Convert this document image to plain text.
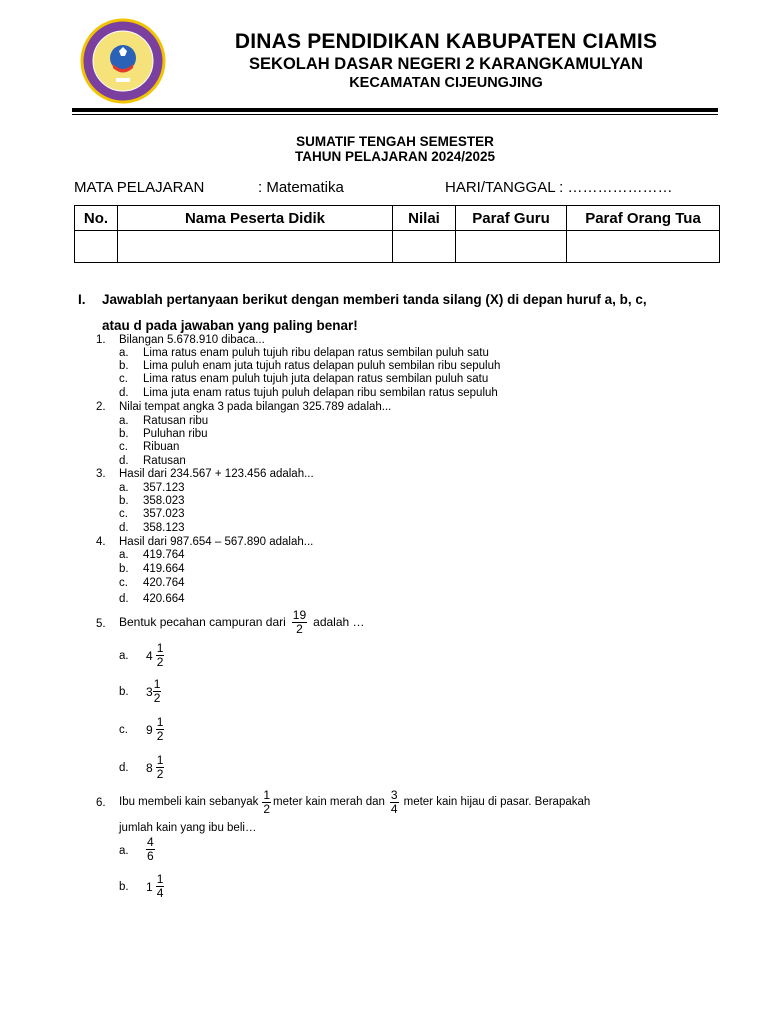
DINAS PENDIDIKAN KABUPATEN CIAMIS
SEKOLAH DASAR NEGERI 2 KARANGKAMULYAN
KECAMATAN CIJEUNGJING
SUMATIF TENGAH SEMESTER
TAHUN PELAJARAN 2024/2025
MATA PELAJARAN	: Matematika	HARI/TANGGAL : …………………
No.	Nama Peserta Didik	Nilai	Paraf Guru	Paraf Orang Tua

I. Jawablah pertanyaan berikut dengan memberi tanda silang (X) di depan huruf a, b, c,
atau d pada jawaban yang paling benar!
1. Bilangan 5.678.910 dibaca...
a. Lima ratus enam puluh tujuh ribu delapan ratus sembilan puluh satu
b. Lima puluh enam juta tujuh ratus delapan puluh sembilan ribu sepuluh
c. Lima ratus enam puluh tujuh juta delapan ratus sembilan puluh satu
d. Lima juta enam ratus tujuh puluh delapan ribu sembilan ratus sepuluh
2. Nilai tempat angka 3 pada bilangan 325.789 adalah...
a. Ratusan ribu
b. Puluhan ribu
c. Ribuan
d. Ratusan
3. Hasil dari 234.567 + 123.456 adalah...
a. 357.123
b. 358.023
c. 357.023
d. 358.123
4. Hasil dari 987.654 – 567.890 adalah...
a. 419.764
b. 419.664
c. 420.764
d. 420.664
5. Bentuk pecahan campuran dari $\frac{19}{2}$ adalah …
a. $4 \frac{1}{2}$
b. $3 \frac{1}{2}$
c. $9 \frac{1}{2}$
d. $8 \frac{1}{2}$
6. Ibu membeli kain sebanyak $\frac{1}{2}$ meter kain merah dan $\frac{3}{4}$ meter kain hijau di pasar. Berapakah
jumlah kain yang ibu beli…
a. $\frac{4}{6}$
b. $1 \frac{1}{4}$
